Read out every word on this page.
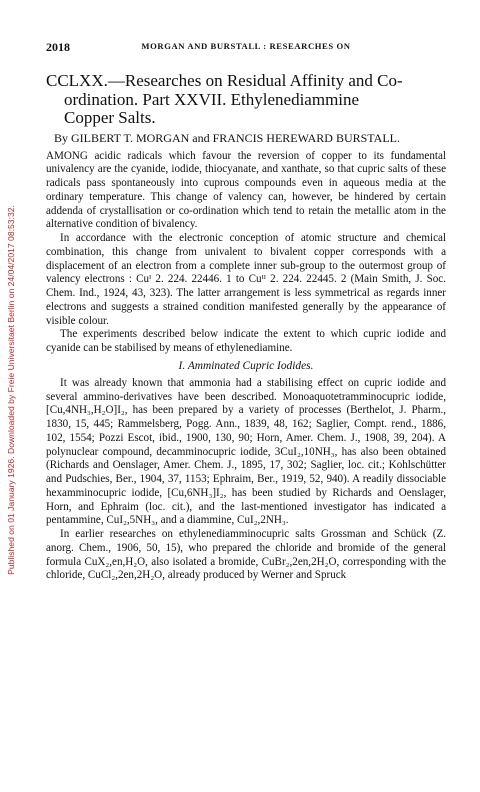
Published on 01 January 1926. Downloaded by Freie Universitaet Berlin on 24/04/2017 08:53:32.
2018	MORGAN AND BURSTALL : RESEARCHES ON
CCLXX.—Researches on Residual Affinity and Co-
ordination. Part XXVII. Ethylenediammine
Copper Salts.
By GILBERT T. MORGAN and FRANCIS HEREWARD BURSTALL.

AMONG acidic radicals which favour the reversion of copper to its fundamental univalency are the cyanide, iodide, thiocyanate, and xanthate, so that cupric salts of these radicals pass spontaneously into cuprous compounds even in aqueous media at the ordinary temperature. This change of valency can, however, be hindered by certain addenda of crystallisation or co-ordination which tend to retain the metallic atom in the alternative condition of bivalency.

In accordance with the electronic conception of atomic structure and chemical combination, this change from univalent to bivalent copper corresponds with a displacement of an electron from a complete inner sub-group to the outermost group of valency electrons : Cuᴵ 2. 224. 22446. 1 to Cuᴵᴵ 2. 224. 22445. 2 (Main Smith, J. Soc. Chem. Ind., 1924, 43, 323). The latter arrangement is less symmetrical as regards inner electrons and suggests a strained condition manifested generally by the appearance of visible colour.

The experiments described below indicate the extent to which cupric iodide and cyanide can be stabilised by means of ethylenediamine.

I. Amminated Cupric Iodides.

It was already known that ammonia had a stabilising effect on cupric iodide and several ammino-derivatives have been described. Monoaquotetramminocupric iodide, [Cu,4NH₃,H₂O]I₂, has been prepared by a variety of processes (Berthelot, J. Pharm., 1830, 15, 445; Rammelsberg, Pogg. Ann., 1839, 48, 162; Saglier, Compt. rend., 1886, 102, 1554; Pozzi Escot, ibid., 1900, 130, 90; Horn, Amer. Chem. J., 1908, 39, 204). A polynuclear compound, decamminocupric iodide, 3CuI₂,10NH₃, has also been obtained (Richards and Oenslager, Amer. Chem. J., 1895, 17, 302; Saglier, loc. cit.; Kohlschütter and Pudschies, Ber., 1904, 37, 1153; Ephraim, Ber., 1919, 52, 940). A readily dissociable hexamminocupric iodide, [Cu,6NH₃]I₂, has been studied by Richards and Oenslager, Horn, and Ephraim (loc. cit.), and the last-mentioned investigator has indicated a pentammine, CuI₂,5NH₃, and a diammine, CuI₂,2NH₃.

In earlier researches on ethylenediamminocupric salts Grossman and Schück (Z. anorg. Chem., 1906, 50, 15), who prepared the chloride and bromide of the general formula CuX₂,en,H₂O, also isolated a bromide, CuBr₂,2en,2H₂O, corresponding with the chloride, CuCl₂,2en,2H₂O, already produced by Werner and Spruck
